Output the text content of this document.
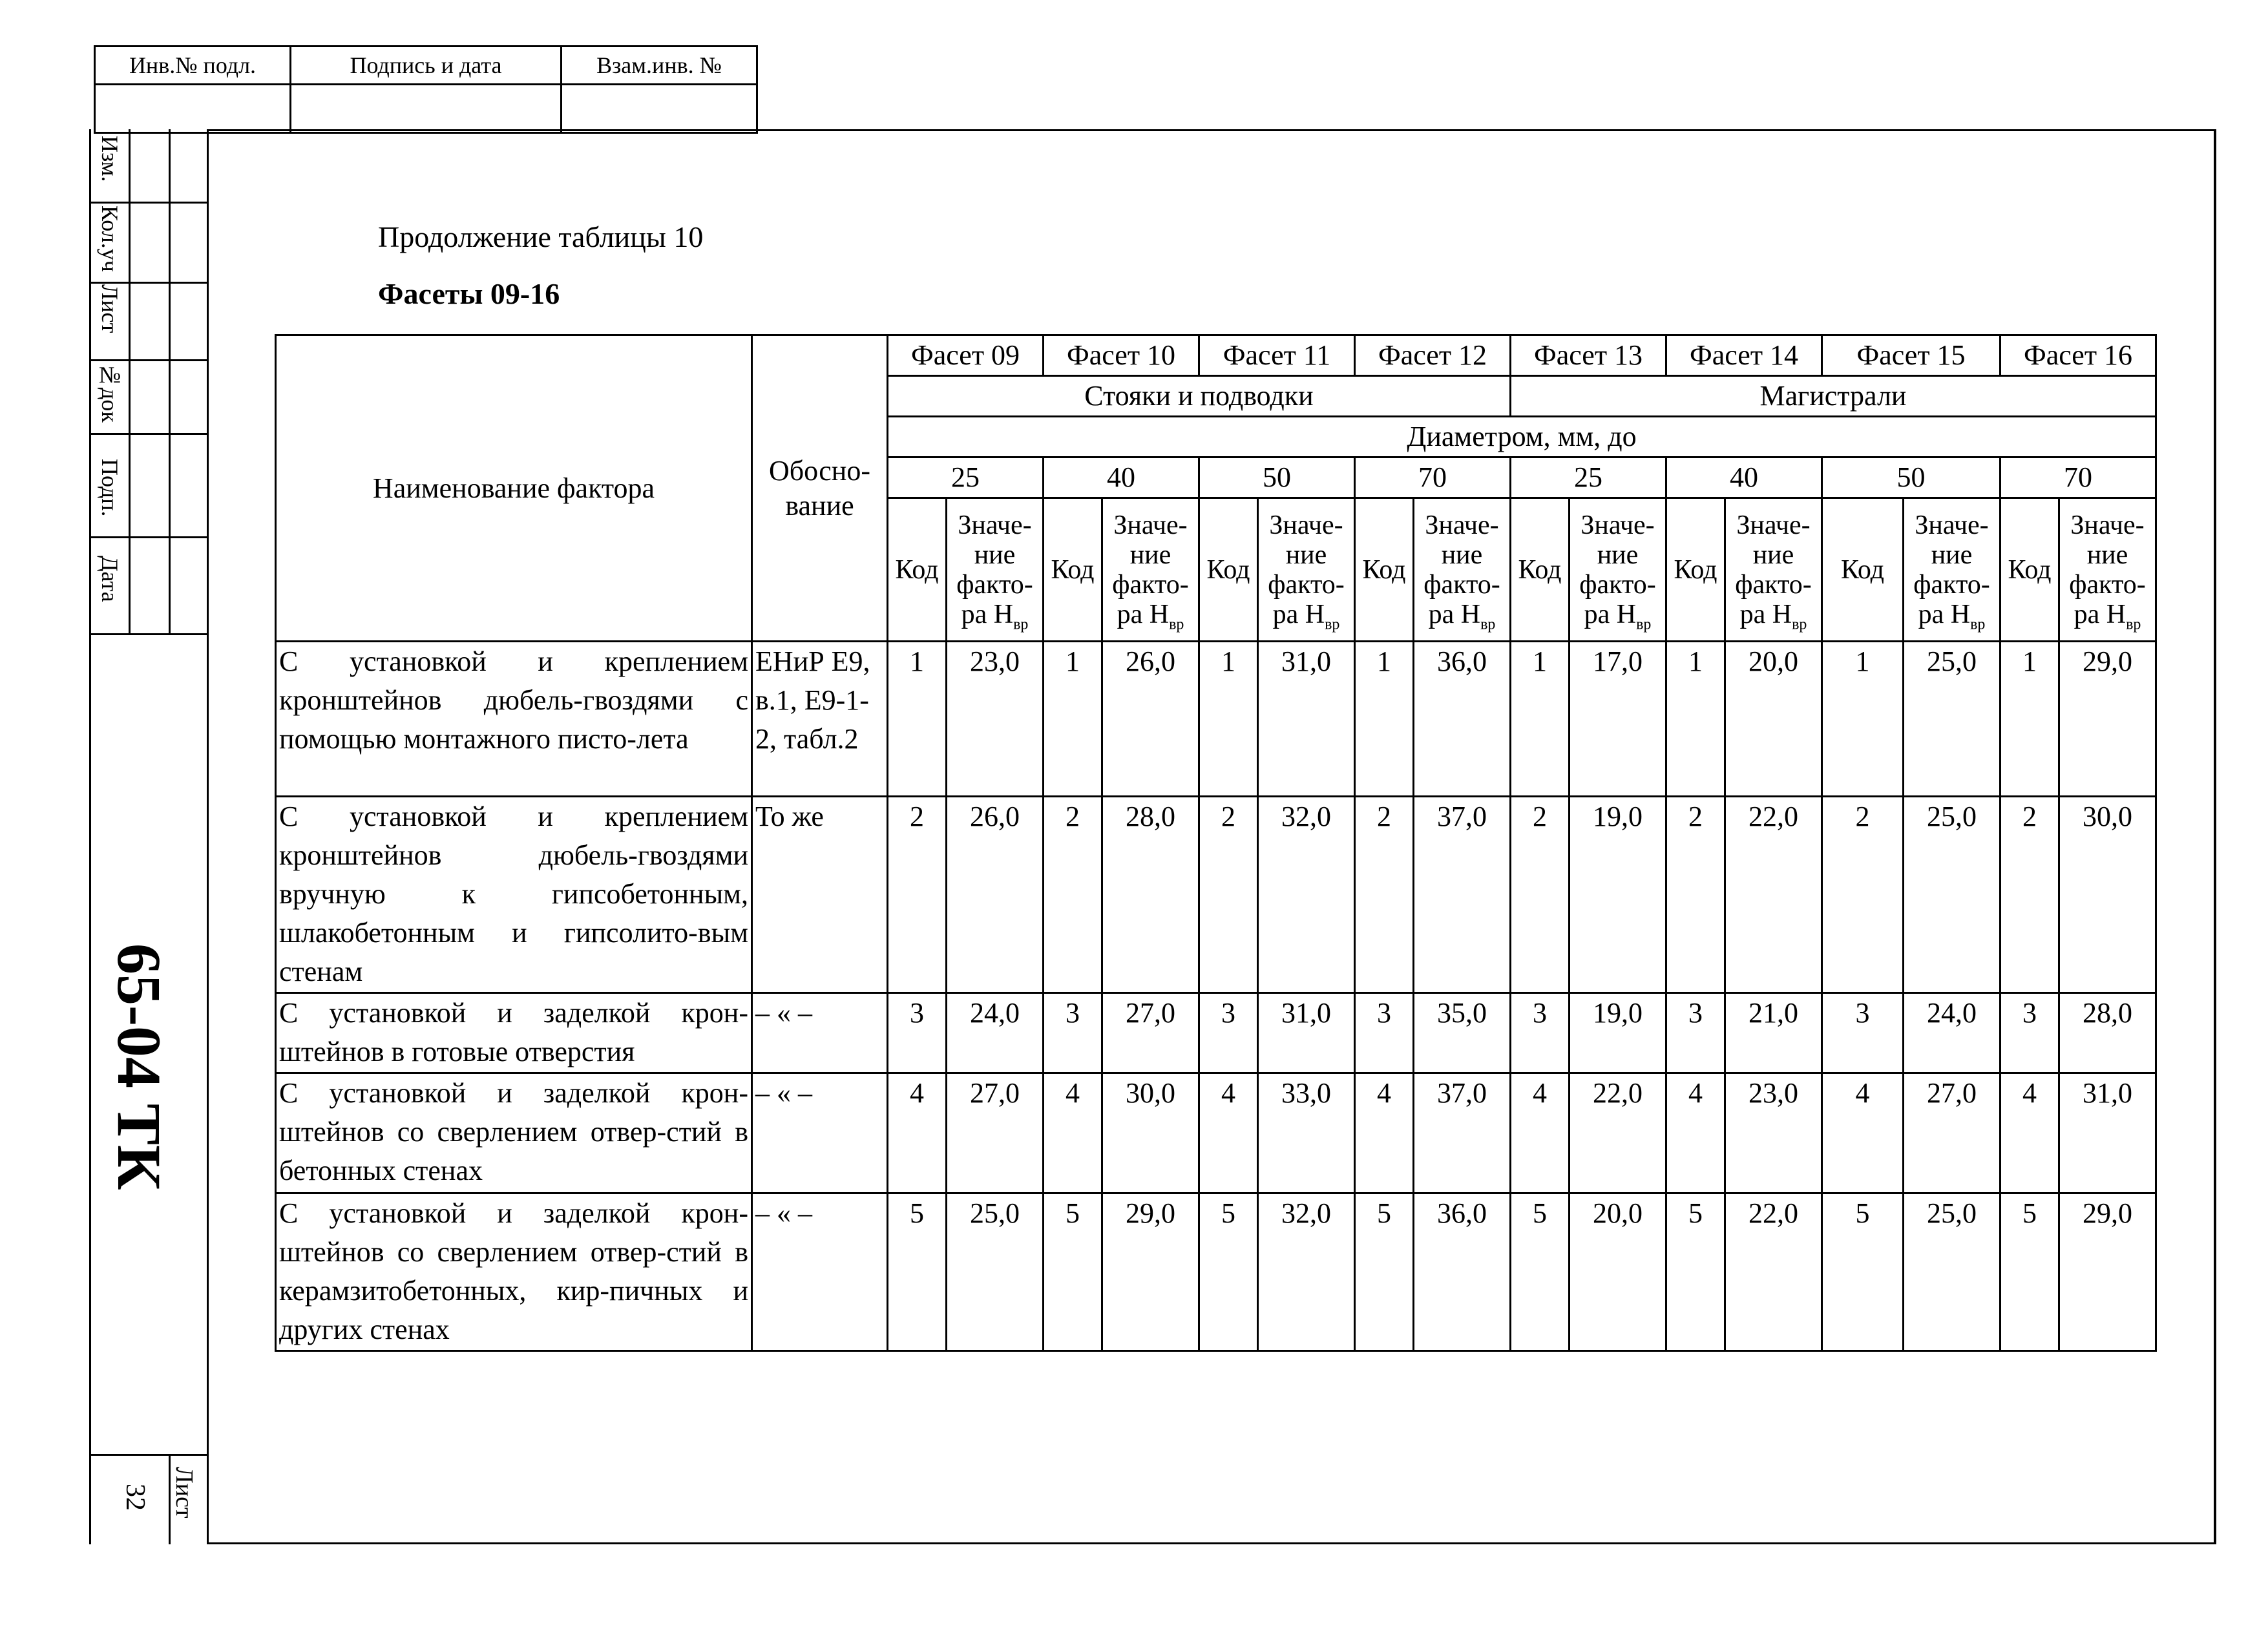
Инв.№ подл.	Подпись и дата	Взам.инв. №

Изм.
Кол.уч
Лист
№док
Подп.
Дата
Лист
32
65-04 ТК
Продолжение таблицы 10
Фасеты 09-16
Наименование фактора	Обосно-вание	Фасет 09		Фасет 10		Фасет 11		Фасет 12		Фасет 13		Фасет 14		Фасет 15		Фасет 16	
		Стояки и подводки								Магистрали							
		Диаметром, мм, до															
		25		40		50		70		25		40		50		70	
		Код	Значе-
ние
факто-
ра $Н_{вр}$	Код	Значе-
ние
факто-
ра $Н_{вр}$	Код	Значе-
ние
факто-
ра $Н_{вр}$	Код	Значе-
ние
факто-
ра $Н_{вр}$	Код	Значе-
ние
факто-
ра $Н_{вр}$	Код	Значе-
ние
факто-
ра $Н_{вр}$	Код	Значе-
ние
факто-
ра $Н_{вр}$	Код	Значе-
ние
факто-
ра $Н_{вр}$
С установкой и креплением кронштейнов дюбель-гвоздями с помощью монтажного писто-лета	ЕНиР Е9, в.1, Е9-1-2, табл.2	1	23,0	1	26,0	1	31,0	1	36,0	1	17,0	1	20,0	1	25,0	1	29,0
С установкой и креплением кронштейнов дюбель-гвоздями вручную к гипсобетонным, шлакобетонным и гипсолито-вым стенам	То же	2	26,0	2	28,0	2	32,0	2	37,0	2	19,0	2	22,0	2	25,0	2	30,0
С установкой и заделкой крон-штейнов в готовые отверстия	– « –	3	24,0	3	27,0	3	31,0	3	35,0	3	19,0	3	21,0	3	24,0	3	28,0
С установкой и заделкой крон-штейнов со сверлением отвер-стий в бетонных стенах	– « –	4	27,0	4	30,0	4	33,0	4	37,0	4	22,0	4	23,0	4	27,0	4	31,0
С установкой и заделкой крон-штейнов со сверлением отвер-стий в керамзитобетонных, кир-пичных и других стенах	– « –	5	25,0	5	29,0	5	32,0	5	36,0	5	20,0	5	22,0	5	25,0	5	29,0
